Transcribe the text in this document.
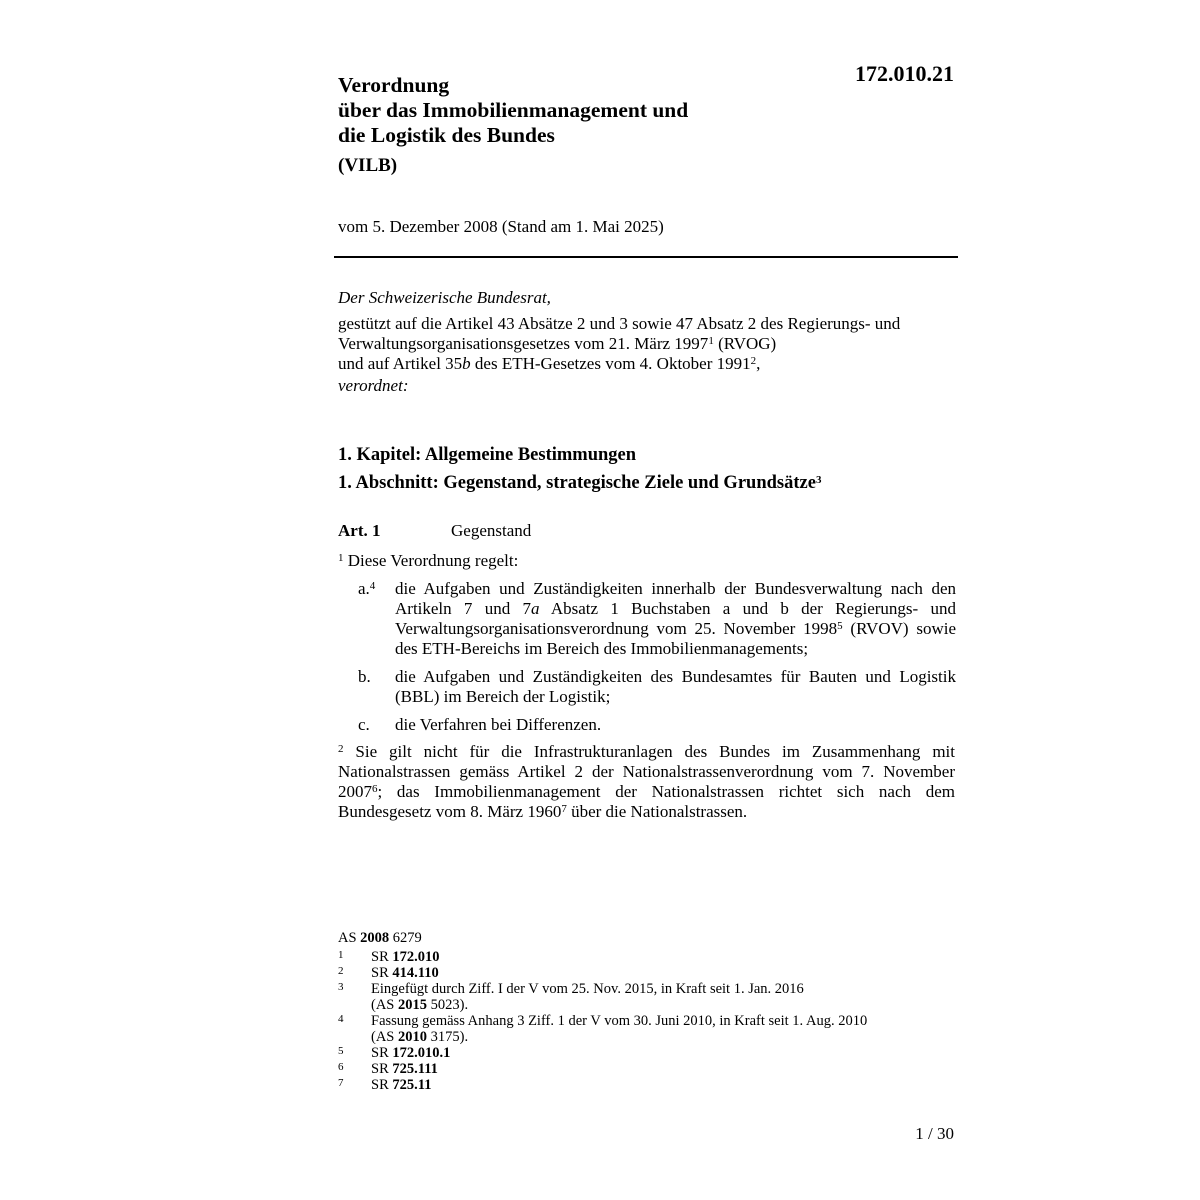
172.010.21
Verordnung
über das Immobilienmanagement und
die Logistik des Bundes
(VILB)
vom 5. Dezember 2008 (Stand am 1. Mai 2025)
Der Schweizerische Bundesrat,
gestützt auf die Artikel 43 Absätze 2 und 3 sowie 47 Absatz 2 des Regierungs- und Verwaltungsorganisationsgesetzes vom 21. März 1997$^1$ (RVOG)
und auf Artikel 35b des ETH-Gesetzes vom 4. Oktober 1991$^2$,
verordnet:
1. Kapitel: Allgemeine Bestimmungen
1. Abschnitt: Gegenstand, strategische Ziele und Grundsätze$^3$
Art. 1	Gegenstand
$^1$ Diese Verordnung regelt:
a.$^4$	die Aufgaben und Zuständigkeiten innerhalb der Bundesverwaltung nach den Artikeln 7 und 7a Absatz 1 Buchstaben a und b der Regierungs- und Verwaltungsorganisationsverordnung vom 25. November 1998$^5$ (RVOV) sowie des ETH-Bereichs im Bereich des Immobilienmanagements;
b.	die Aufgaben und Zuständigkeiten des Bundesamtes für Bauten und Logistik (BBL) im Bereich der Logistik;
c.	die Verfahren bei Differenzen.
$^2$ Sie gilt nicht für die Infrastrukturanlagen des Bundes im Zusammenhang mit Nationalstrassen gemäss Artikel 2 der Nationalstrassenverordnung vom 7. November 2007$^6$; das Immobilienmanagement der Nationalstrassen richtet sich nach dem Bundesgesetz vom 8. März 1960$^7$ über die Nationalstrassen.
AS 2008 6279
1	SR 172.010
2	SR 414.110
3	Eingefügt durch Ziff. I der V vom 25. Nov. 2015, in Kraft seit 1. Jan. 2016
(AS 2015 5023).
4	Fassung gemäss Anhang 3 Ziff. 1 der V vom 30. Juni 2010, in Kraft seit 1. Aug. 2010
(AS 2010 3175).
5	SR 172.010.1
6	SR 725.111
7	SR 725.11
1 / 30
